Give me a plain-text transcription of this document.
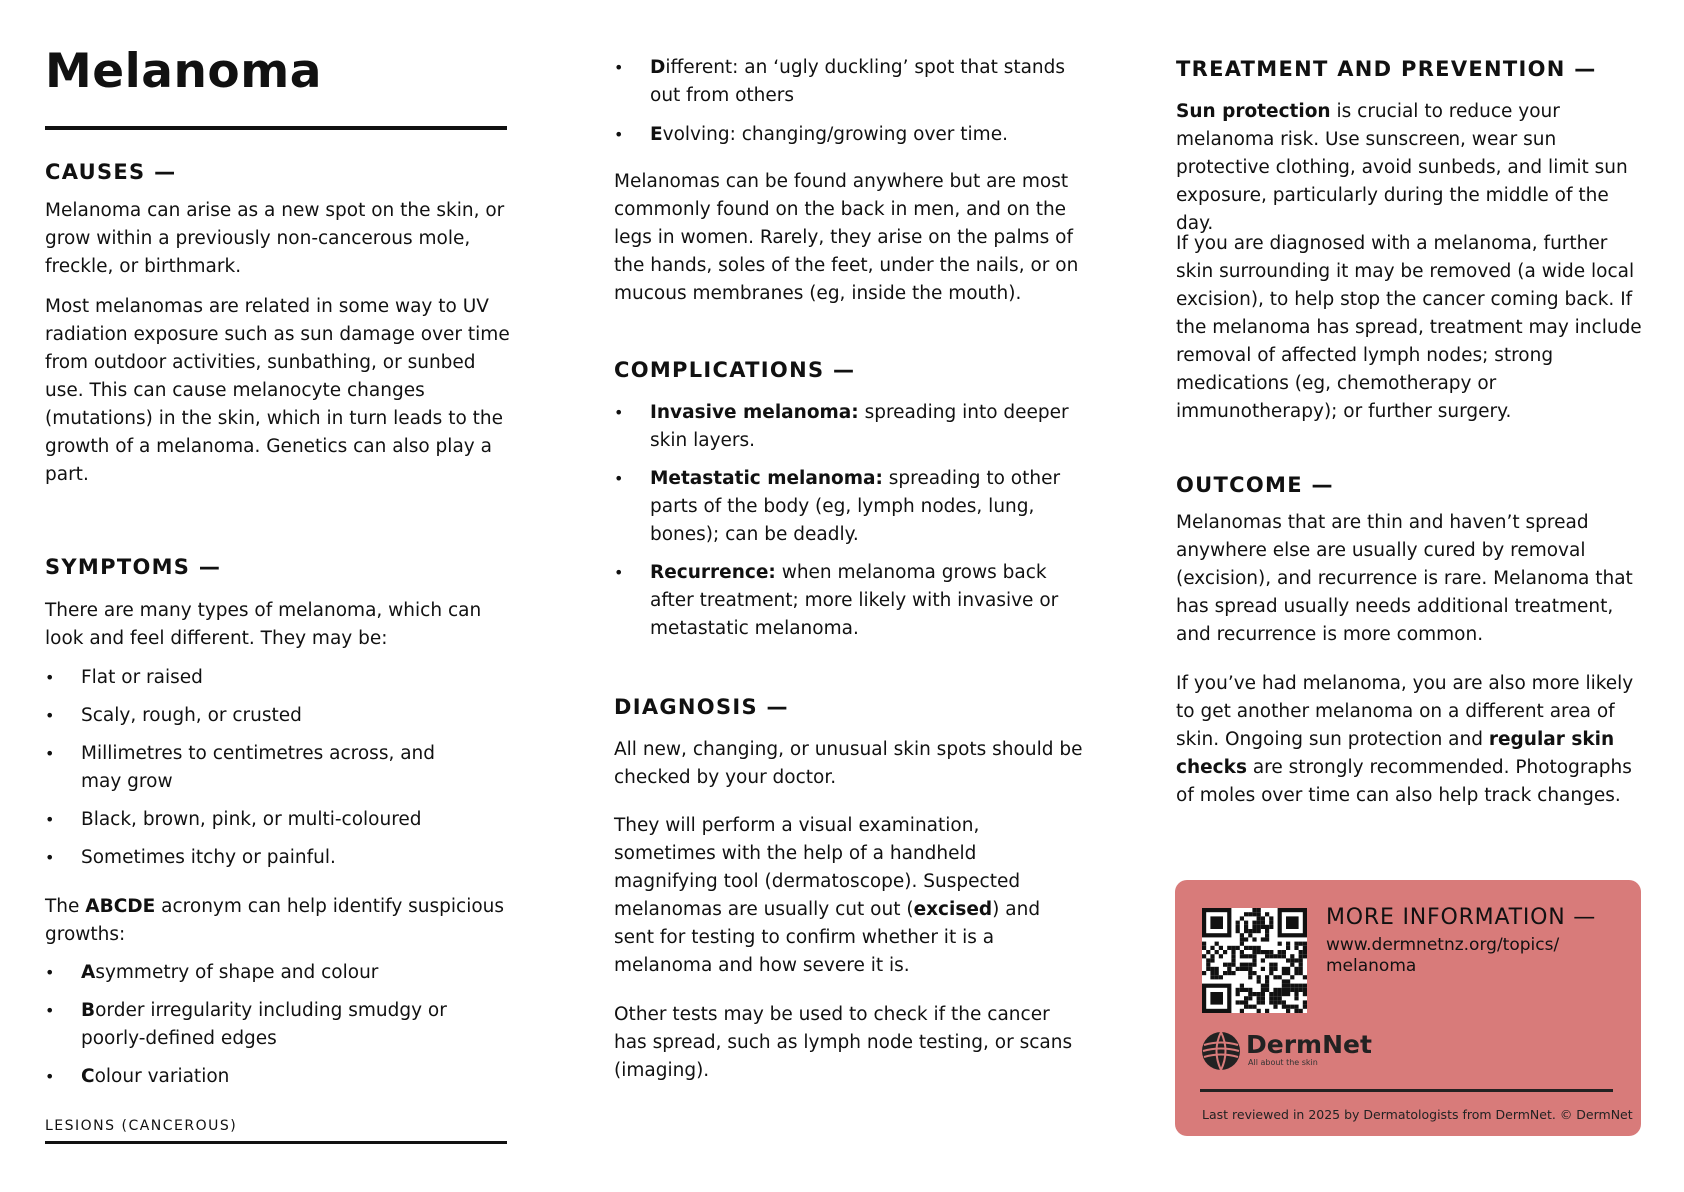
Melanoma
CAUSES —

Melanoma can arise as a new spot on the skin, or grow within a previously non-cancerous mole, freckle, or birthmark.

Most melanomas are related in some way to UV radiation exposure such as sun damage over time from outdoor activities, sunbathing, or sunbed use. This can cause melanocyte changes (mutations) in the skin, which in turn leads to the growth of a melanoma. Genetics can also play a part.

SYMPTOMS —

There are many types of melanoma, which can look and feel different. They may be:

• Flat or raised
• Scaly, rough, or crusted
• Millimetres to centimetres across, and may grow
• Black, brown, pink, or multi-coloured
• Sometimes itchy or painful.

The ABCDE acronym can help identify suspicious growths:

• Asymmetry of shape and colour
• Border irregularity including smudgy or poorly-defined edges
• Colour variation
LESIONS (CANCEROUS)
• Different: an ‘ugly duckling’ spot that stands out from others
• Evolving: changing/growing over time.

Melanomas can be found anywhere but are most commonly found on the back in men, and on the legs in women. Rarely, they arise on the palms of the hands, soles of the feet, under the nails, or on mucous membranes (eg, inside the mouth).

COMPLICATIONS —
• Invasive melanoma: spreading into deeper skin layers.
• Metastatic melanoma: spreading to other parts of the body (eg, lymph nodes, lung, bones); can be deadly.
• Recurrence: when melanoma grows back after treatment; more likely with invasive or metastatic melanoma.
DIAGNOSIS —

All new, changing, or unusual skin spots should be checked by your doctor.

They will perform a visual examination, sometimes with the help of a handheld magnifying tool (dermatoscope). Suspected melanomas are usually cut out (excised) and sent for testing to confirm whether it is a melanoma and how severe it is.

Other tests may be used to check if the cancer has spread, such as lymph node testing, or scans (imaging).

TREATMENT AND PREVENTION —

Sun protection is crucial to reduce your melanoma risk. Use sunscreen, wear sun protective clothing, avoid sunbeds, and limit sun exposure, particularly during the middle of the day.

If you are diagnosed with a melanoma, further skin surrounding it may be removed (a wide local excision), to help stop the cancer coming back. If the melanoma has spread, treatment may include removal of affected lymph nodes; strong medications (eg, chemotherapy or immunotherapy); or further surgery.

OUTCOME —

Melanomas that are thin and haven’t spread anywhere else are usually cured by removal (excision), and recurrence is rare. Melanoma that has spread usually needs additional treatment, and recurrence is more common.

If you’ve had melanoma, you are also more likely to get another melanoma on a different area of skin. Ongoing sun protection and regular skin checks are strongly recommended. Photographs of moles over time can also help track changes.

MORE INFORMATION —
www.dermnetnz.org/topics/ melanoma
DermNet
All about the skin
Last reviewed in 2025 by Dermatologists from DermNet. © DermNet
